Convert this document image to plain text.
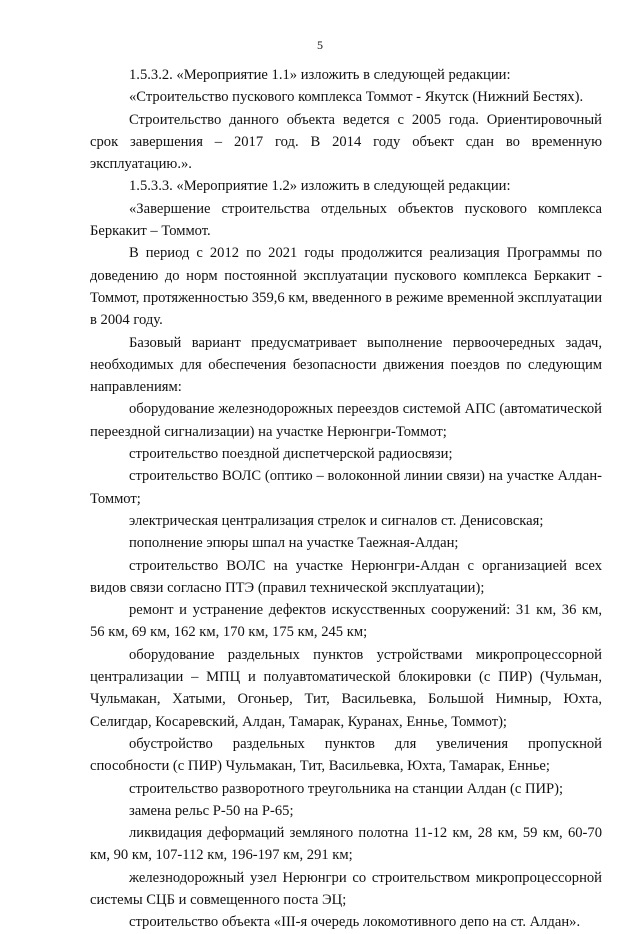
5

1.5.3.2. «Мероприятие 1.1» изложить в следующей редакции:

«Строительство пускового комплекса Томмот - Якутск (Нижний Бестях).

Строительство данного объекта ведется с 2005 года. Ориентировочный срок завершения – 2017 год. В 2014 году объект сдан во временную эксплуатацию.».

1.5.3.3. «Мероприятие 1.2» изложить в следующей редакции:

«Завершение строительства отдельных объектов пускового комплекса Беркакит – Томмот.

В период с 2012 по 2021 годы продолжится реализация Программы по доведению до норм постоянной эксплуатации пускового комплекса Беркакит - Томмот, протяженностью 359,6 км, введенного в режиме временной эксплуатации в 2004 году.

Базовый вариант предусматривает выполнение первоочередных задач, необходимых для обеспечения безопасности движения поездов по следующим направлениям:

оборудование железнодорожных переездов системой АПС (автоматической переездной сигнализации) на участке Нерюнгри-Томмот;

строительство поездной диспетчерской радиосвязи;

строительство ВОЛС (оптико – волоконной линии связи) на участке Алдан-Томмот;

электрическая централизация стрелок и сигналов ст. Денисовская;

пополнение эпюры шпал на участке Таежная-Алдан;

строительство ВОЛС на участке Нерюнгри-Алдан с организацией всех видов связи согласно ПТЭ (правил технической эксплуатации);

ремонт и устранение дефектов искусственных сооружений: 31 км, 36 км, 56 км, 69 км, 162 км, 170 км, 175 км, 245 км;

оборудование раздельных пунктов устройствами микропроцессорной централизации – МПЦ и полуавтоматической блокировки (с ПИР) (Чульман, Чульмакан, Хатыми, Огоньер, Тит, Васильевка, Большой Нимныр, Юхта, Селигдар, Косаревский, Алдан, Тамарак, Куранах, Еннье, Томмот);

обустройство раздельных пунктов для увеличения пропускной способности (с ПИР) Чульмакан, Тит, Васильевка, Юхта, Тамарак, Еннье;

строительство разворотного треугольника на станции Алдан (с ПИР);

замена рельс Р-50 на Р-65;

ликвидация деформаций земляного полотна 11-12 км, 28 км, 59 км, 60-70 км, 90 км, 107-112 км, 196-197 км, 291 км;

железнодорожный узел Нерюнгри со строительством микропроцессорной системы СЦБ и совмещенного поста ЭЦ;

строительство объекта «III-я очередь локомотивного депо на ст. Алдан».
